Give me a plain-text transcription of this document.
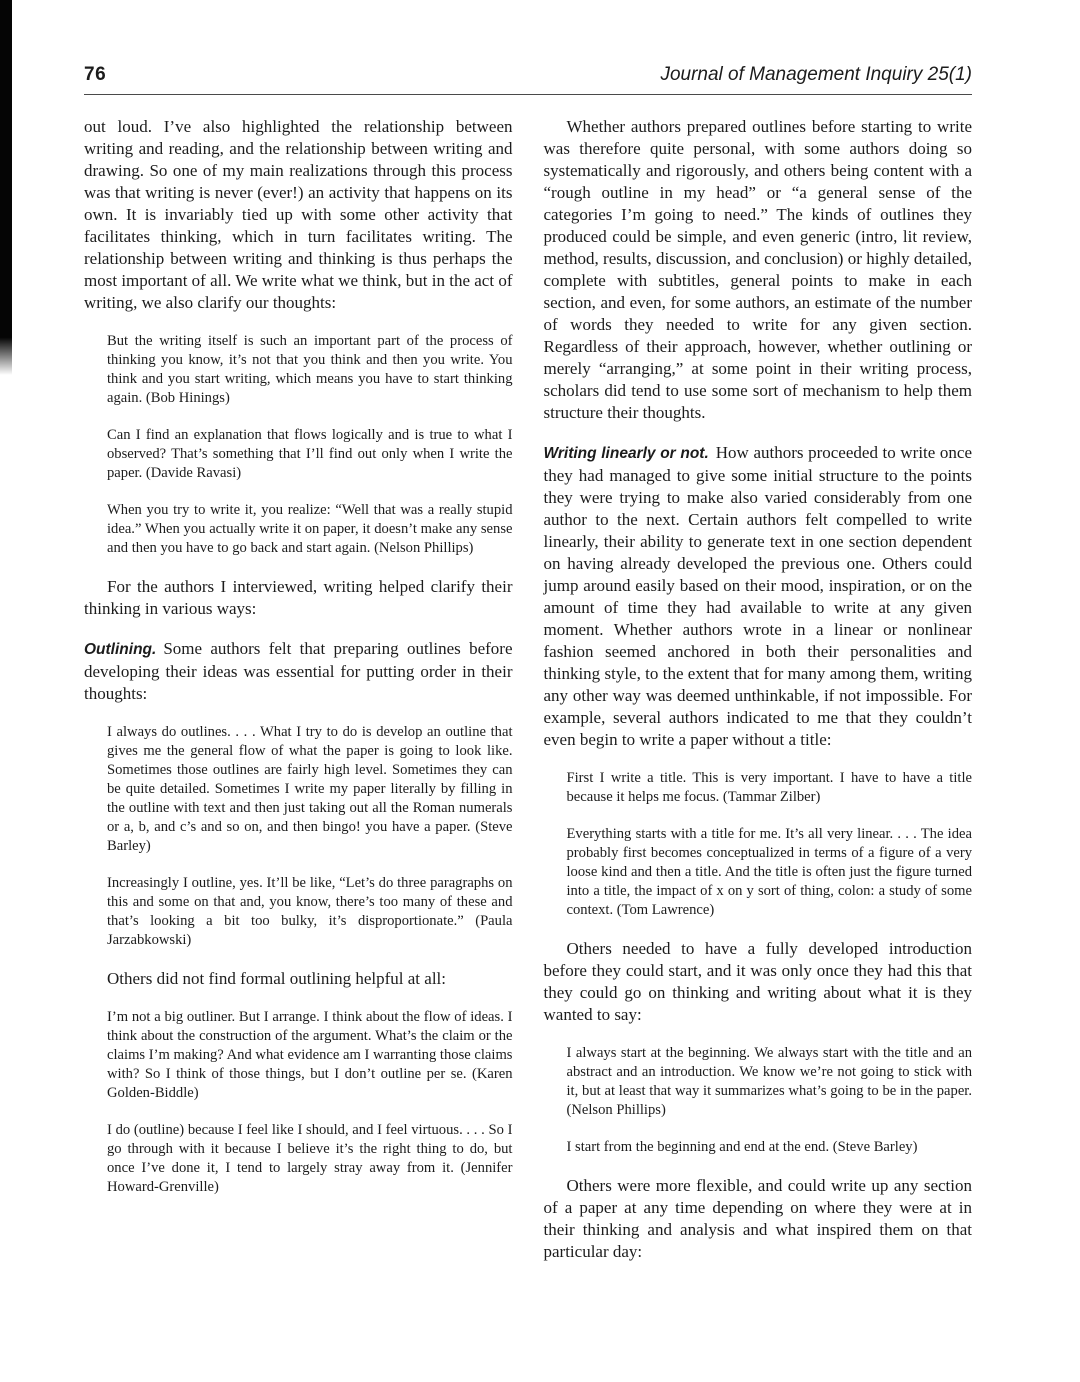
76	Journal of Management Inquiry 25(1)

out loud. I’ve also highlighted the relationship between writing and reading, and the relationship between writing and drawing. So one of my main realizations through this process was that writing is never (ever!) an activity that happens on its own. It is invariably tied up with some other activity that facilitates thinking, which in turn facilitates writing. The relationship between writing and thinking is thus perhaps the most important of all. We write what we think, but in the act of writing, we also clarify our thoughts:

But the writing itself is such an important part of the process of thinking you know, it’s not that you think and then you write. You think and you start writing, which means you have to start thinking again. (Bob Hinings)
Can I find an explanation that flows logically and is true to what I observed? That’s something that I’ll find out only when I write the paper. (Davide Ravasi)
When you try to write it, you realize: “Well that was a really stupid idea.” When you actually write it on paper, it doesn’t make any sense and then you have to go back and start again. (Nelson Phillips)

For the authors I interviewed, writing helped clarify their thinking in various ways:

Outlining. Some authors felt that preparing outlines before developing their ideas was essential for putting order in their thoughts:

I always do outlines. . . . What I try to do is develop an outline that gives me the general flow of what the paper is going to look like. Sometimes those outlines are fairly high level. Sometimes they can be quite detailed. Sometimes I write my paper literally by filling in the outline with text and then just taking out all the Roman numerals or a, b, and c’s and so on, and then bingo! you have a paper. (Steve Barley)
Increasingly I outline, yes. It’ll be like, “Let’s do three paragraphs on this and some on that and, you know, there’s too many of these and that’s looking a bit too bulky, it’s disproportionate.” (Paula Jarzabkowski)

Others did not find formal outlining helpful at all:

I’m not a big outliner. But I arrange. I think about the flow of ideas. I think about the construction of the argument. What’s the claim or the claims I’m making? And what evidence am I warranting those claims with? So I think of those things, but I don’t outline per se. (Karen Golden-Biddle)
I do (outline) because I feel like I should, and I feel virtuous. . . . So I go through with it because I believe it’s the right thing to do, but once I’ve done it, I tend to largely stray away from it. (Jennifer Howard-Grenville)

Whether authors prepared outlines before starting to write was therefore quite personal, with some authors doing so systematically and rigorously, and others being content with a “rough outline in my head” or “a general sense of the categories I’m going to need.” The kinds of outlines they produced could be simple, and even generic (intro, lit review, method, results, discussion, and conclusion) or highly detailed, complete with subtitles, general points to make in each section, and even, for some authors, an estimate of the number of words they needed to write for any given section. Regardless of their approach, however, whether outlining or merely “arranging,” at some point in their writing process, scholars did tend to use some sort of mechanism to help them structure their thoughts.

Writing linearly or not. How authors proceeded to write once they had managed to give some initial structure to the points they were trying to make also varied considerably from one author to the next. Certain authors felt compelled to write linearly, their ability to generate text in one section dependent on having already developed the previous one. Others could jump around easily based on their mood, inspiration, or on the amount of time they had available to write at any given moment. Whether authors wrote in a linear or nonlinear fashion seemed anchored in both their personalities and thinking style, to the extent that for many among them, writing any other way was deemed unthinkable, if not impossible. For example, several authors indicated to me that they couldn’t even begin to write a paper without a title:

First I write a title. This is very important. I have to have a title because it helps me focus. (Tammar Zilber)
Everything starts with a title for me. It’s all very linear. . . . The idea probably first becomes conceptualized in terms of a figure of a very loose kind and then a title. And the title is often just the figure turned into a title, the impact of x on y sort of thing, colon: a study of some context. (Tom Lawrence)

Others needed to have a fully developed introduction before they could start, and it was only once they had this that they could go on thinking and writing about what it is they wanted to say:

I always start at the beginning. We always start with the title and an abstract and an introduction. We know we’re not going to stick with it, but at least that way it summarizes what’s going to be in the paper. (Nelson Phillips)
I start from the beginning and end at the end. (Steve Barley)

Others were more flexible, and could write up any section of a paper at any time depending on where they were at in their thinking and analysis and what inspired them on that particular day:
